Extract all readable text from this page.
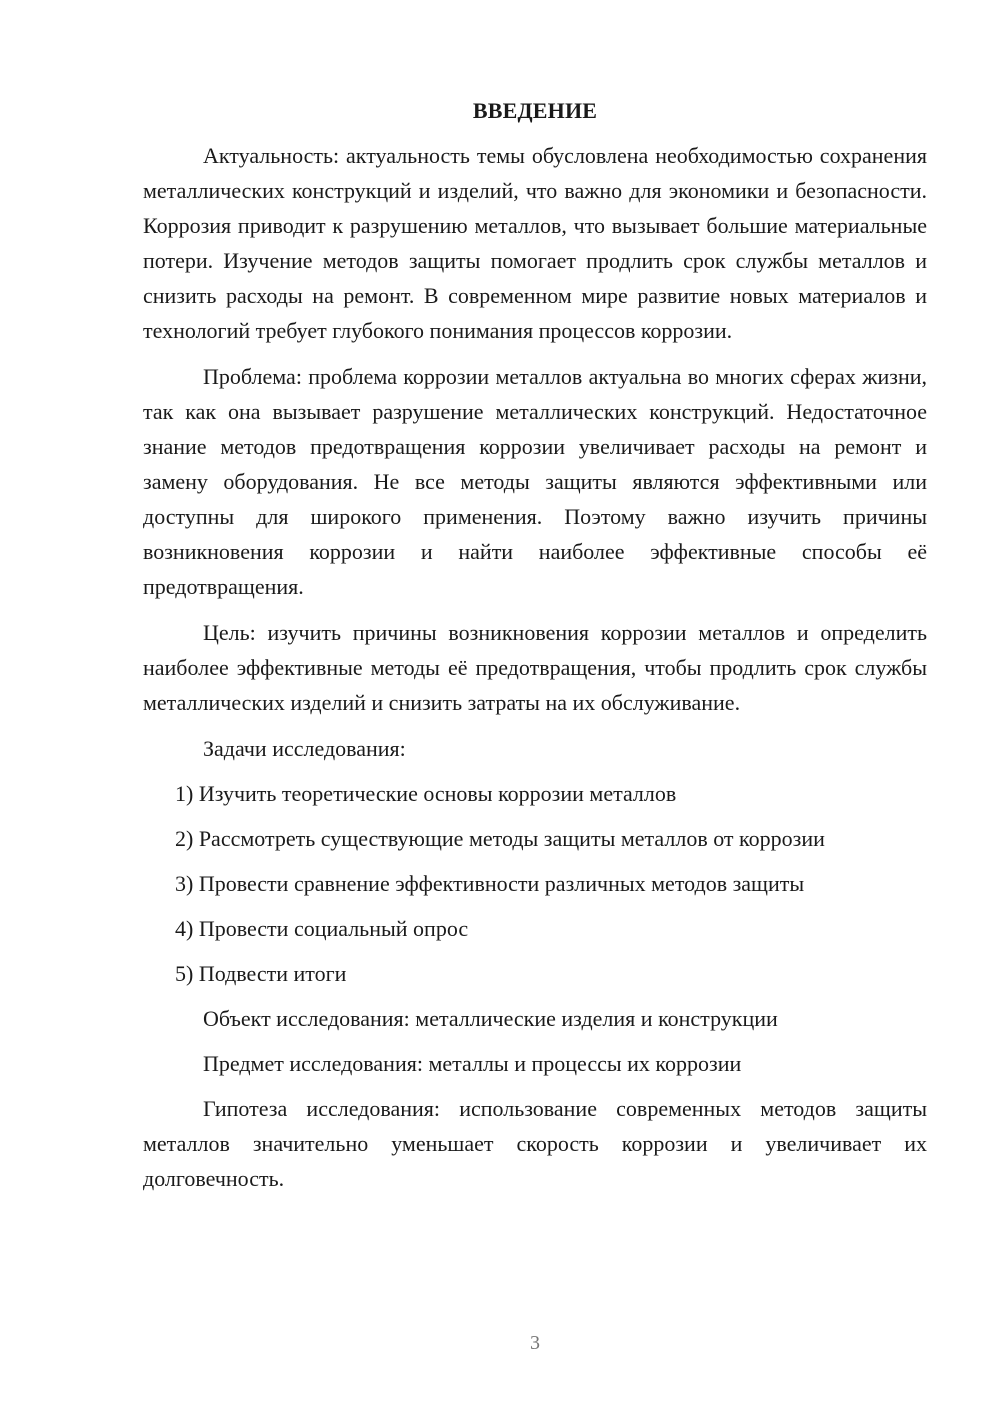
ВВЕДЕНИЕ

Актуальность: актуальность темы обусловлена необходимостью сохранения металлических конструкций и изделий, что важно для экономики и безопасности. Коррозия приводит к разрушению металлов, что вызывает большие материальные потери. Изучение методов защиты помогает продлить срок службы металлов и снизить расходы на ремонт. В современном мире развитие новых материалов и технологий требует глубокого понимания процессов коррозии.

Проблема: проблема коррозии металлов актуальна во многих сферах жизни, так как она вызывает разрушение металлических конструкций. Недостаточное знание методов предотвращения коррозии увеличивает расходы на ремонт и замену оборудования. Не все методы защиты являются эффективными или доступны для широкого применения. Поэтому важно изучить причины возникновения коррозии и найти наиболее эффективные способы её предотвращения.

Цель: изучить причины возникновения коррозии металлов и определить наиболее эффективные методы её предотвращения, чтобы продлить срок службы металлических изделий и снизить затраты на их обслуживание.

Задачи исследования:
1) Изучить теоретические основы коррозии металлов
2) Рассмотреть существующие методы защиты металлов от коррозии
3) Провести сравнение эффективности различных методов защиты
4) Провести социальный опрос
5) Подвести итоги
Объект исследования: металлические изделия и конструкции
Предмет исследования: металлы и процессы их коррозии

Гипотеза исследования: использование современных методов защиты металлов значительно уменьшает скорость коррозии и увеличивает их долговечность.

3
